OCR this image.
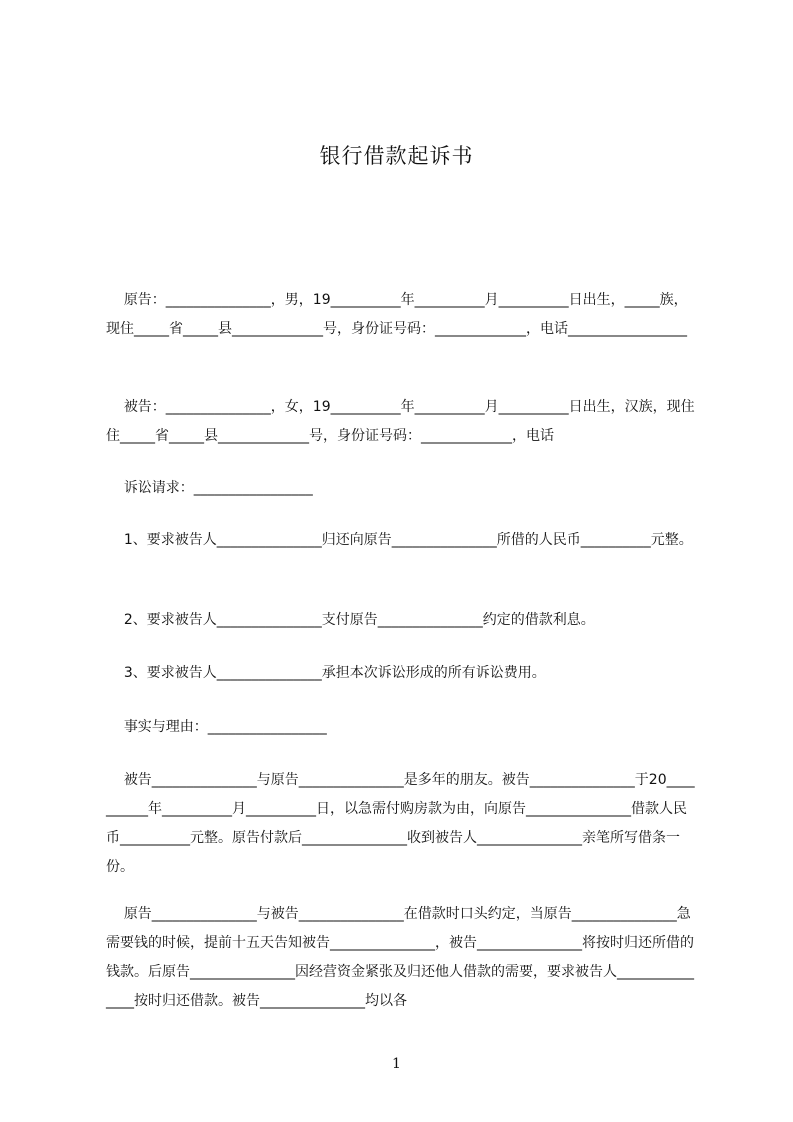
银行借款起诉书

原告：_______________，男，19__________年__________月__________日出生，_____族，现住_____省_____县_____________号，身份证号码：_____________，电话_________________

被告：_______________，女，19__________年__________月__________日出生，汉族，现住住_____省_____县_____________号，身份证号码：_____________，电话

诉讼请求：_________________

1、要求被告人_______________归还向原告_______________所借的人民币__________元整。

2、要求被告人_______________支付原告_______________约定的借款利息。

3、要求被告人_______________承担本次诉讼形成的所有诉讼费用。

事实与理由：_________________

被告_______________与原告_______________是多年的朋友。被告_______________于20__________年__________月__________日，以急需付购房款为由，向原告_______________借款人民币__________元整。原告付款后_______________收到被告人_______________亲笔所写借条一份。

原告_______________与被告_______________在借款时口头约定，当原告_______________急需要钱的时候，提前十五天告知被告_______________，被告_______________将按时归还所借的钱款。后原告_______________因经营资金紧张及归还他人借款的需要，要求被告人_______________按时归还借款。被告_______________均以各

1
